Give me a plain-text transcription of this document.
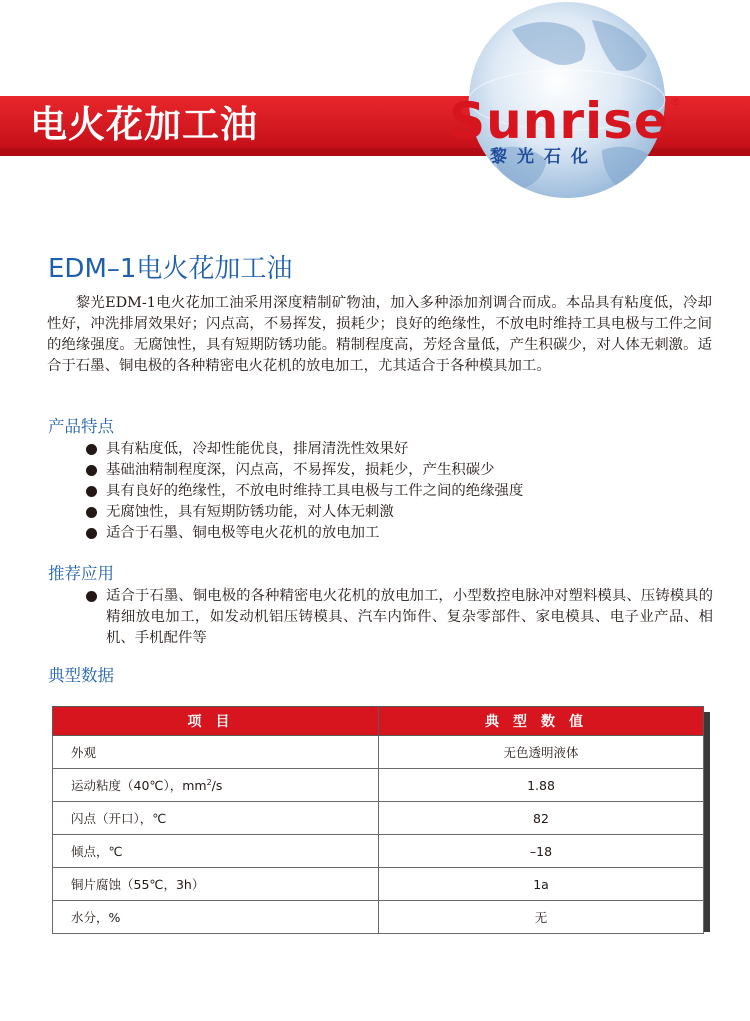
电火花加工油	Sunrise ®
黎光石化
EDM–1电火花加工油
黎光EDM-1电火花加工油采用深度精制矿物油，加入多种添加剂调合而成。本品具有粘度低，冷却性好，冲洗排屑效果好；闪点高，不易挥发，损耗少；良好的绝缘性，不放电时维持工具电极与工件之间的绝缘强度。无腐蚀性，具有短期防锈功能。精制程度高，芳烃含量低，产生积碳少，对人体无刺激。适合于石墨、铜电极的各种精密电火花机的放电加工，尤其适合于各种模具加工。
产品特点
具有粘度低，冷却性能优良，排屑清洗性效果好
基础油精制程度深，闪点高，不易挥发，损耗少，产生积碳少
具有良好的绝缘性，不放电时维持工具电极与工件之间的绝缘强度
无腐蚀性，具有短期防锈功能，对人体无刺激
适合于石墨、铜电极等电火花机的放电加工
推荐应用
适合于石墨、铜电极的各种精密电火花机的放电加工，小型数控电脉冲对塑料模具、压铸模具的精细放电加工，如发动机铝压铸模具、汽车内饰件、复杂零部件、家电模具、电子业产品、相机、手机配件等
典型数据
项目	典型数值
外观	无色透明液体
运动粘度（40℃），$mm^2/s$	1.88
闪点（开口），℃	82
倾点，℃	–18
铜片腐蚀（55℃，3h）	1a
水分，%	无
